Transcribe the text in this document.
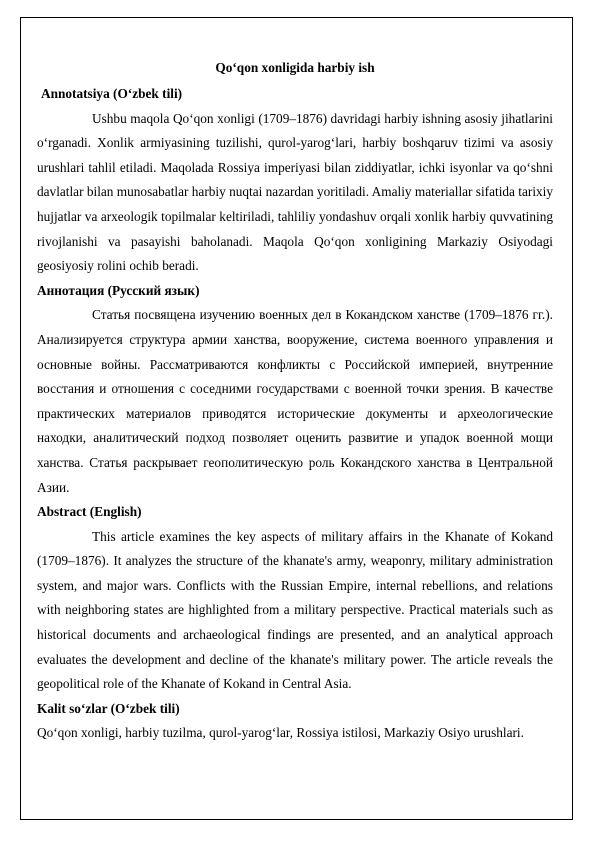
Qo‘qon xonligida harbiy ish

Annotatsiya (O‘zbek tili)

Ushbu maqola Qo‘qon xonligi (1709–1876) davridagi harbiy ishning asosiy jihatlarini o‘rganadi. Xonlik armiyasining tuzilishi, qurol-yarog‘lari, harbiy boshqaruv tizimi va asosiy urushlari tahlil etiladi. Maqolada Rossiya imperiyasi bilan ziddiyatlar, ichki isyonlar va qo‘shni davlatlar bilan munosabatlar harbiy nuqtai nazardan yoritiladi. Amaliy materiallar sifatida tarixiy hujjatlar va arxeologik topilmalar keltiriladi, tahliliy yondashuv orqali xonlik harbiy quvvatining rivojlanishi va pasayishi baholanadi. Maqola Qo‘qon xonligining Markaziy Osiyodagi geosiyosiy rolini ochib beradi.

Аннотация (Русский язык)

Статья посвящена изучению военных дел в Кокандском ханстве (1709–1876 гг.). Анализируется структура армии ханства, вооружение, система военного управления и основные войны. Рассматриваются конфликты с Российской империей, внутренние восстания и отношения с соседними государствами с военной точки зрения. В качестве практических материалов приводятся исторические документы и археологические находки, аналитический подход позволяет оценить развитие и упадок военной мощи ханства. Статья раскрывает геополитическую роль Кокандского ханства в Центральной Азии.

Abstract (English)

This article examines the key aspects of military affairs in the Khanate of Kokand (1709–1876). It analyzes the structure of the khanate's army, weaponry, military administration system, and major wars. Conflicts with the Russian Empire, internal rebellions, and relations with neighboring states are highlighted from a military perspective. Practical materials such as historical documents and archaeological findings are presented, and an analytical approach evaluates the development and decline of the khanate's military power. The article reveals the geopolitical role of the Khanate of Kokand in Central Asia.

Kalit so‘zlar (O‘zbek tili)

Qo‘qon xonligi, harbiy tuzilma, qurol-yarog‘lar, Rossiya istilosi, Markaziy Osiyo urushlari.
